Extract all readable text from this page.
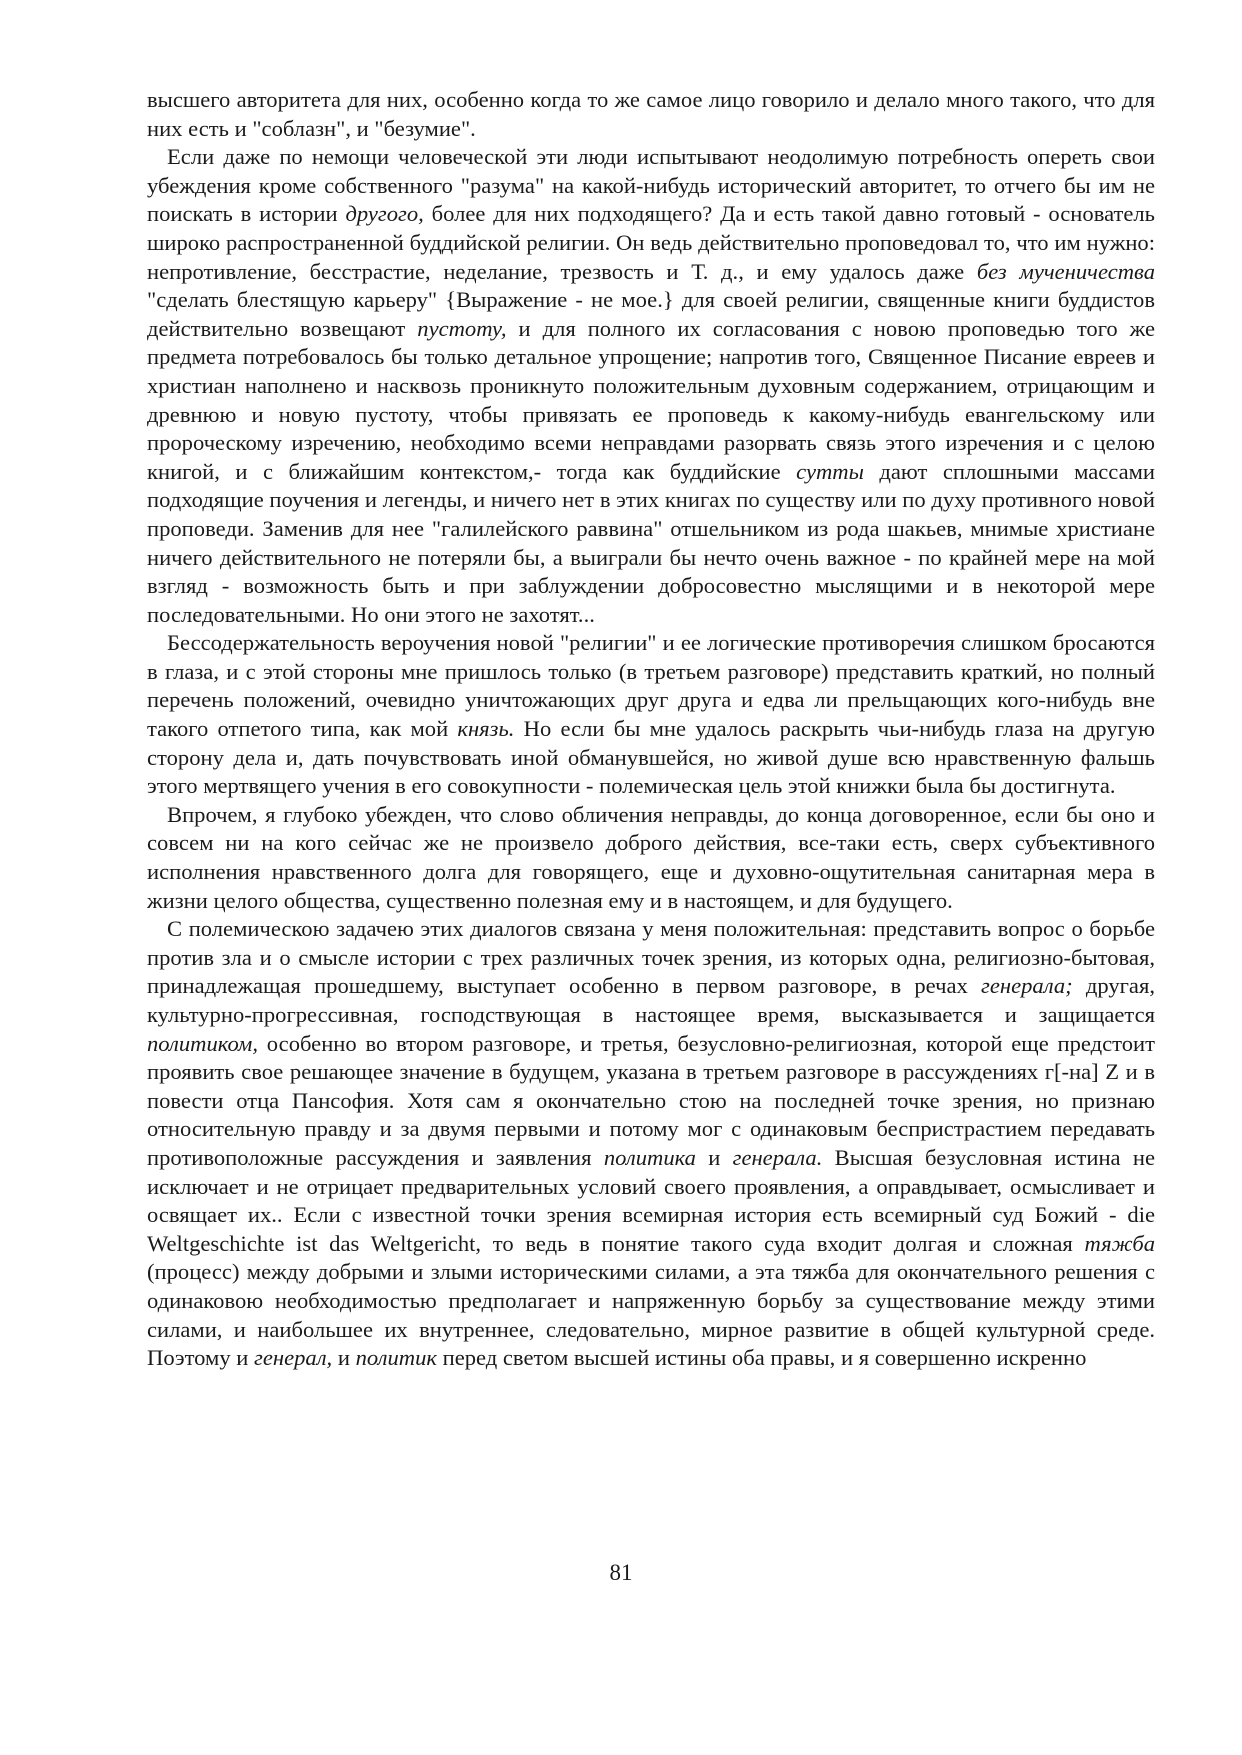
высшего авторитета для них, особенно когда то же самое лицо говорило и делало много такого, что для них есть и "соблазн", и "безумие".

Если даже по немощи человеческой эти люди испытывают неодолимую потребность опереть свои убеждения кроме собственного "разума" на какой-нибудь исторический авторитет, то отчего бы им не поискать в истории другого, более для них подходящего? Да и есть такой давно готовый - основатель широко распространенной буддийской религии. Он ведь действительно проповедовал то, что им нужно: непротивление, бесстрастие, неделание, трезвость и Т. д., и ему удалось даже без мученичества "сделать блестящую карьеру" {Выражение - не мое.} для своей религии, священные книги буддистов действительно возвещают пустоту, и для полного их согласования с новою проповедью того же предмета потребовалось бы только детальное упрощение; напротив того, Священное Писание евреев и христиан наполнено и насквозь проникнуто положительным духовным содержанием, отрицающим и древнюю и новую пустоту, чтобы привязать ее проповедь к какому-нибудь евангельскому или пророческому изречению, необходимо всеми неправдами разорвать связь этого изречения и с целою книгой, и с ближайшим контекстом,- тогда как буддийские сутты дают сплошными массами подходящие поучения и легенды, и ничего нет в этих книгах по существу или по духу противного новой проповеди. Заменив для нее "галилейского раввина" отшельником из рода шакьев, мнимые христиане ничего действительного не потеряли бы, а выиграли бы нечто очень важное - по крайней мере на мой взгляд - возможность быть и при заблуждении добросовестно мыслящими и в некоторой мере последовательными. Но они этого не захотят...

Бессодержательность вероучения новой "религии" и ее логические противоречия слишком бросаются в глаза, и с этой стороны мне пришлось только (в третьем разговоре) представить краткий, но полный перечень положений, очевидно уничтожающих друг друга и едва ли прельщающих кого-нибудь вне такого отпетого типа, как мой князь. Но если бы мне удалось раскрыть чьи-нибудь глаза на другую сторону дела и, дать почувствовать иной обманувшейся, но живой душе всю нравственную фальшь этого мертвящего учения в его совокупности - полемическая цель этой книжки была бы достигнута.

Впрочем, я глубоко убежден, что слово обличения неправды, до конца договоренное, если бы оно и совсем ни на кого сейчас же не произвело доброго действия, все-таки есть, сверх субъективного исполнения нравственного долга для говорящего, еще и духовно-ощутительная санитарная мера в жизни целого общества, существенно полезная ему и в настоящем, и для будущего.

С полемическою задачею этих диалогов связана у меня положительная: представить вопрос о борьбе против зла и о смысле истории с трех различных точек зрения, из которых одна, религиозно-бытовая, принадлежащая прошедшему, выступает особенно в первом разговоре, в речах генерала; другая, культурно-прогрессивная, господствующая в настоящее время, высказывается и защищается политиком, особенно во втором разговоре, и третья, безусловно-религиозная, которой еще предстоит проявить свое решающее значение в будущем, указана в третьем разговоре в рассуждениях г[-на] Z и в повести отца Пансофия. Хотя сам я окончательно стою на последней точке зрения, но признаю относительную правду и за двумя первыми и потому мог с одинаковым беспристрастием передавать противоположные рассуждения и заявления политика и генерала. Высшая безусловная истина не исключает и не отрицает предварительных условий своего проявления, а оправдывает, осмысливает и освящает их.. Если с известной точки зрения всемирная история есть всемирный суд Божий - die Weltgeschichte ist das Weltgericht, то ведь в понятие такого суда входит долгая и сложная тяжба (процесс) между добрыми и злыми историческими силами, а эта тяжба для окончательного решения с одинаковою необходимостью предполагает и напряженную борьбу за существование между этими силами, и наибольшее их внутреннее, следовательно, мирное развитие в общей культурной среде. Поэтому и генерал, и политик перед светом высшей истины оба правы, и я совершенно искренно

81
